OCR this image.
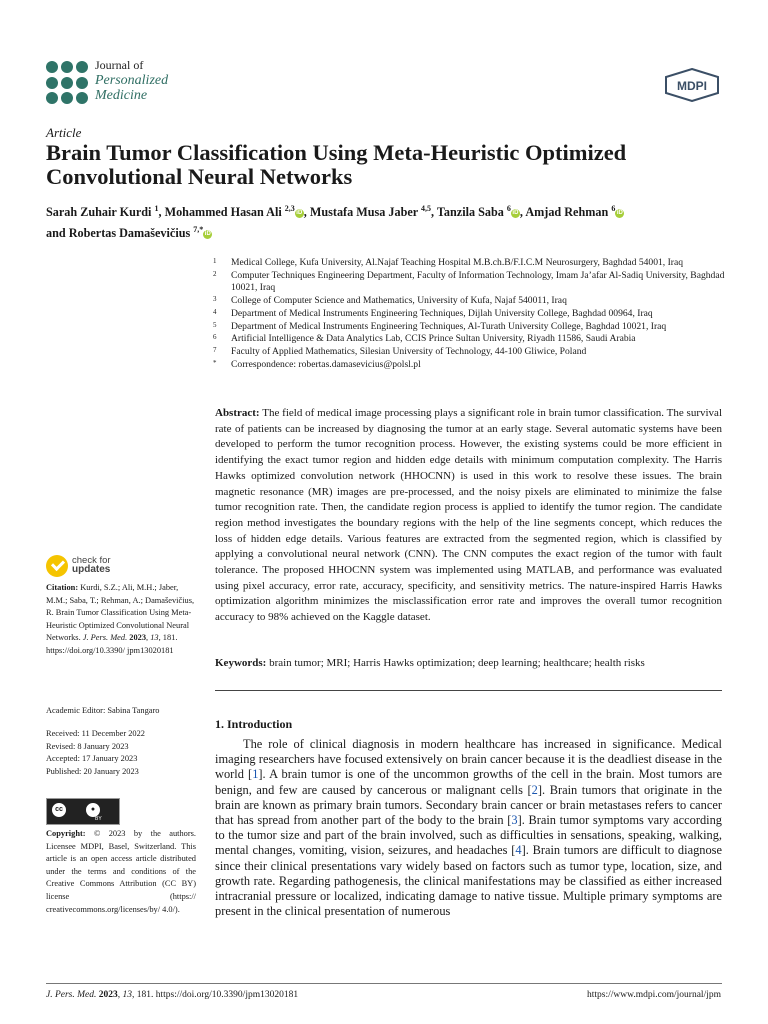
Journal of
Personalized
Medicine
MDPI
Article
Brain Tumor Classification Using Meta-Heuristic Optimized Convolutional Neural Networks
Sarah Zuhair Kurdi $^1$, Mohammed Hasan Ali $^{2,3}$ iD , Mustafa Musa Jaber $^{4,5}$, Tanzila Saba $^6$ iD , Amjad Rehman $^6$ iD
and Robertas Damaševičius $^{7,*}$ iD
1 Medical College, Kufa University, Al.Najaf Teaching Hospital M.B.ch.B/F.I.C.M Neurosurgery, Baghdad 54001, Iraq
2 Computer Techniques Engineering Department, Faculty of Information Technology, Imam Ja’afar Al-Sadiq University, Baghdad 10021, Iraq
3 College of Computer Science and Mathematics, University of Kufa, Najaf 540011, Iraq
4 Department of Medical Instruments Engineering Techniques, Dijlah University College, Baghdad 00964, Iraq
5 Department of Medical Instruments Engineering Techniques, Al-Turath University College, Baghdad 10021, Iraq
6 Artificial Intelligence & Data Analytics Lab, CCIS Prince Sultan University, Riyadh 11586, Saudi Arabia
7 Faculty of Applied Mathematics, Silesian University of Technology, 44-100 Gliwice, Poland
* Correspondence: robertas.damasevicius@polsl.pl
Abstract: The field of medical image processing plays a significant role in brain tumor classification. The survival rate of patients can be increased by diagnosing the tumor at an early stage. Several automatic systems have been developed to perform the tumor recognition process. However, the existing systems could be more efficient in identifying the exact tumor region and hidden edge details with minimum computation complexity. The Harris Hawks optimized convolution network (HHOCNN) is used in this work to resolve these issues. The brain magnetic resonance (MR) images are pre-processed, and the noisy pixels are eliminated to minimize the false tumor recognition rate. Then, the candidate region process is applied to identify the tumor region. The candidate region method investigates the boundary regions with the help of the line segments concept, which reduces the loss of hidden edge details. Various features are extracted from the segmented region, which is classified by applying a convolutional neural network (CNN). The CNN computes the exact region of the tumor with fault tolerance. The proposed HHOCNN system was implemented using MATLAB, and performance was evaluated using pixel accuracy, error rate, accuracy, specificity, and sensitivity metrics. The nature-inspired Harris Hawks optimization algorithm minimizes the misclassification error rate and improves the overall tumor recognition accuracy to 98% achieved on the Kaggle dataset.
Keywords: brain tumor; MRI; Harris Hawks optimization; deep learning; healthcare; health risks
1. Introduction
The role of clinical diagnosis in modern healthcare has increased in significance. Medical imaging researchers have focused extensively on brain cancer because it is the deadliest disease in the world [1]. A brain tumor is one of the uncommon growths of the cell in the brain. Most tumors are benign, and few are caused by cancerous or malignant cells [2]. Brain tumors that originate in the brain are known as primary brain tumors. Secondary brain cancer or brain metastases refers to cancer that has spread from another part of the body to the brain [3]. Brain tumor symptoms vary according to the tumor size and part of the brain involved, such as difficulties in sensations, speaking, walking, mental changes, vomiting, vision, seizures, and headaches [4]. Brain tumors are difficult to diagnose since their clinical presentations vary widely based on factors such as tumor type, location, size, and growth rate. Regarding pathogenesis, the clinical manifestations may be classified as either increased intracranial pressure or localized, indicating damage to native tissue. Multiple primary symptoms are present in the clinical presentation of numerous
check for
updates
Citation: Kurdi, S.Z.; Ali, M.H.; Jaber, M.M.; Saba, T.; Rehman, A.; Damaševičius, R. Brain Tumor Classification Using Meta-Heuristic Optimized Convolutional Neural Networks. J. Pers. Med. 2023, 13, 181. https://doi.org/10.3390/ jpm13020181
Academic Editor: Sabina Tangaro
Received: 11 December 2022
Revised: 8 January 2023
Accepted: 17 January 2023
Published: 20 January 2023
cc	●
BY
Copyright: © 2023 by the authors. Licensee MDPI, Basel, Switzerland. This article is an open access article distributed under the terms and conditions of the Creative Commons Attribution (CC BY) license (https:// creativecommons.org/licenses/by/ 4.0/).
J. Pers. Med. 2023, 13, 181. https://doi.org/10.3390/jpm13020181	https://www.mdpi.com/journal/jpm
